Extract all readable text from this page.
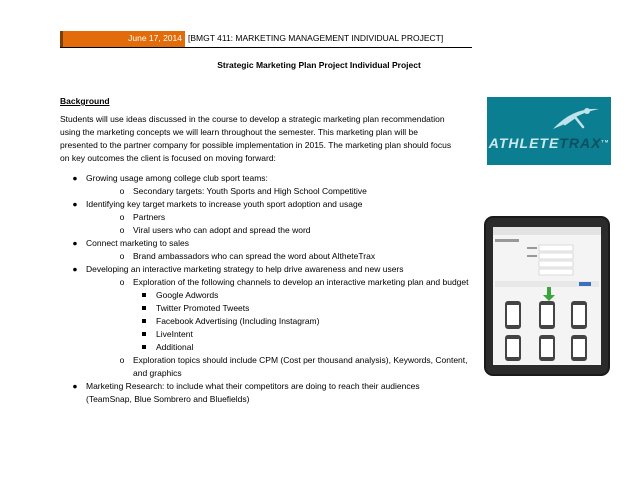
June 17, 2014 [BMGT 411: MARKETING MANAGEMENT INDIVIDUAL PROJECT]
Strategic Marketing Plan Project Individual Project
Background
Students will use ideas discussed in the course to develop a strategic marketing plan recommendation
using the marketing concepts we will learn throughout the semester. This marketing plan will be
presented to the partner company for possible implementation in 2015. The marketing plan should focus
on key outcomes the client is focused on moving forward:
● Growing usage among college club sport teams:
o	Secondary targets: Youth Sports and High School Competitive
● Identifying key target markets to increase youth sport adoption and usage
o	Partners
o	Viral users who can adopt and spread the word
● Connect marketing to sales
o	Brand ambassadors who can spread the word about AltheteTrax
● Developing an interactive marketing strategy to help drive awareness and new users
o	Exploration of the following channels to develop an interactive marketing plan and budget
Google Adwords
Twitter Promoted Tweets
Facebook Advertising (Including Instagram)
LiveIntent
Additional
o	Exploration topics should include CPM (Cost per thousand analysis), Keywords, Content,
and graphics
● Marketing Research: to include what their competitors are doing to reach their audiences
(TeamSnap, Blue Sombrero and Bluefields)
ATHLETETRAX™
